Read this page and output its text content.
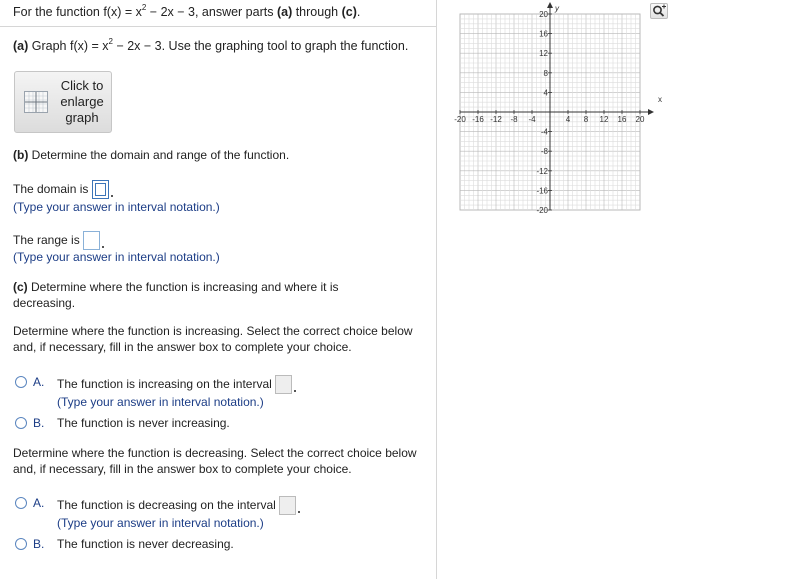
For the function $f(x) = x^2 - 2x - 3$, answer parts (a) through (c).
(a) Graph $f(x) = x^2 - 2x - 3$. Use the graphing tool to graph the function.
Click to enlarge graph
(b) Determine the domain and range of the function.
The domain is
(Type your answer in interval notation.)
The range is
(Type your answer in interval notation.)
(c) Determine where the function is increasing and where it is decreasing.
Determine where the function is increasing. Select the correct choice below and, if necessary, fill in the answer box to complete your choice.
A. The function is increasing on the interval
(Type your answer in interval notation.)
B. The function is never increasing.
Determine where the function is decreasing. Select the correct choice below and, if necessary, fill in the answer box to complete your choice.
A. The function is decreasing on the interval
(Type your answer in interval notation.)
B. The function is never decreasing.
x
y
-20 -16 -12 -8 -4	4 8 12 16 20
20
16
12
8
4
-4
-8
-12
-16
-20
